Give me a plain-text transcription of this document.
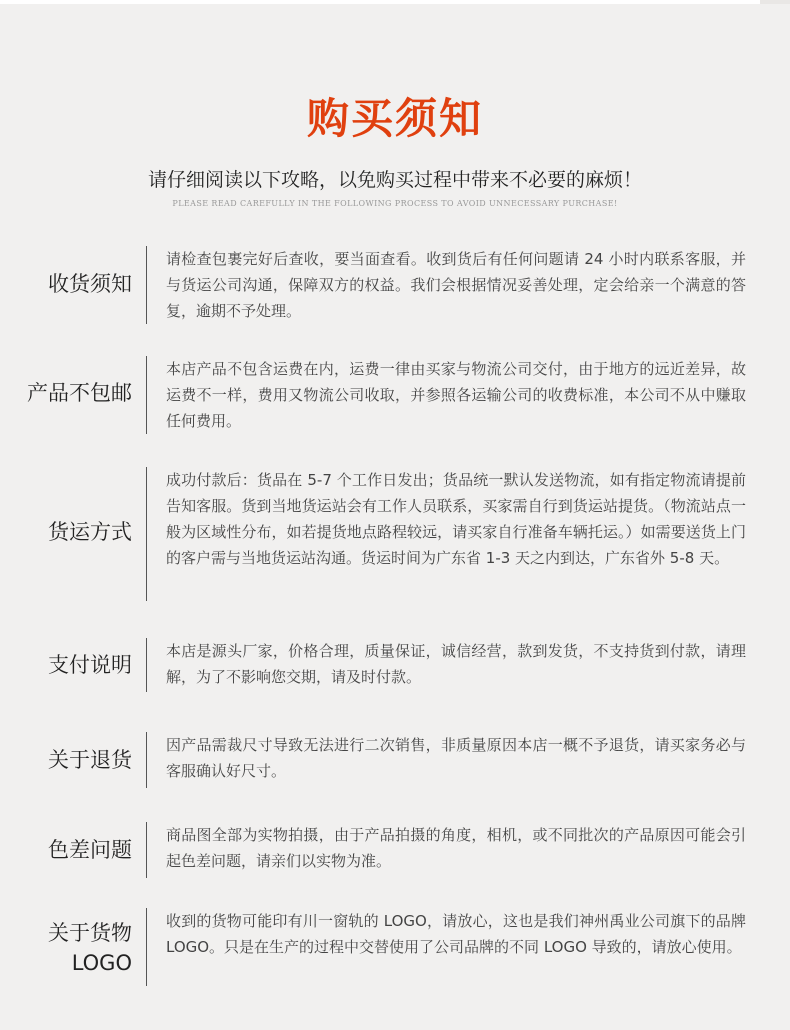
购买须知
请仔细阅读以下攻略，以免购买过程中带来不必要的麻烦！
PLEASE READ CAREFULLY IN THE FOLLOWING PROCESS TO AVOID UNNECESSARY PURCHASE!
收货须知
请检查包裹完好后查收，要当面查看。收到货后有任何问题请 24 小时内联系客服，并与货运公司沟通，保障双方的权益。我们会根据情况妥善处理，定会给亲一个满意的答复，逾期不予处理。
产品不包邮
本店产品不包含运费在内，运费一律由买家与物流公司交付，由于地方的远近差异，故运费不一样，费用又物流公司收取，并参照各运输公司的收费标准，本公司不从中赚取任何费用。
货运方式
成功付款后：货品在 5-7 个工作日发出；货品统一默认发送物流，如有指定物流请提前告知客服。货到当地货运站会有工作人员联系，买家需自行到货运站提货。（物流站点一般为区域性分布，如若提货地点路程较远，请买家自行准备车辆托运。）如需要送货上门的客户需与当地货运站沟通。货运时间为广东省 1-3 天之内到达，广东省外 5-8 天。
支付说明
本店是源头厂家，价格合理，质量保证，诚信经营，款到发货，不支持货到付款，请理解，为了不影响您交期，请及时付款。
关于退货
因产品需裁尺寸导致无法进行二次销售，非质量原因本店一概不予退货，请买家务必与客服确认好尺寸。
色差问题
商品图全部为实物拍摄，由于产品拍摄的角度，相机，或不同批次的产品原因可能会引起色差问题，请亲们以实物为准。
关于货物
LOGO
收到的货物可能印有川一窗轨的 LOGO，请放心，这也是我们神州禹业公司旗下的品牌 LOGO。只是在生产的过程中交替使用了公司品牌的不同 LOGO 导致的，请放心使用。
